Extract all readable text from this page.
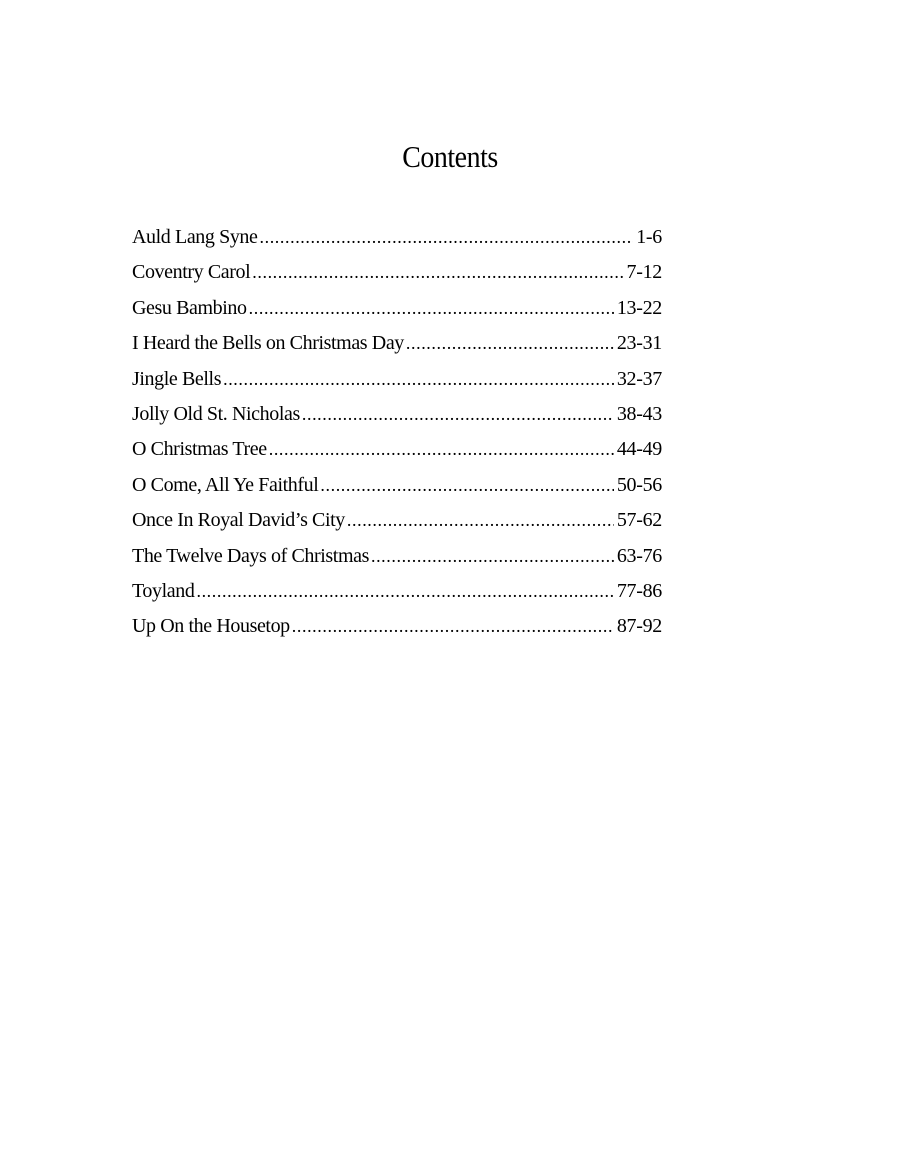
Contents
Auld Lang Syne .....	1-6
Coventry Carol .....	7-12
Gesu Bambino .....	13-22
I Heard the Bells on Christmas Day .....	23-31
Jingle Bells .....	32-37
Jolly Old St. Nicholas .....	38-43
O Christmas Tree .....	44-49
O Come, All Ye Faithful .....	50-56
Once In Royal David’s City .....	57-62
The Twelve Days of Christmas .....	63-76
Toyland .....	77-86
Up On the Housetop .....	87-92
